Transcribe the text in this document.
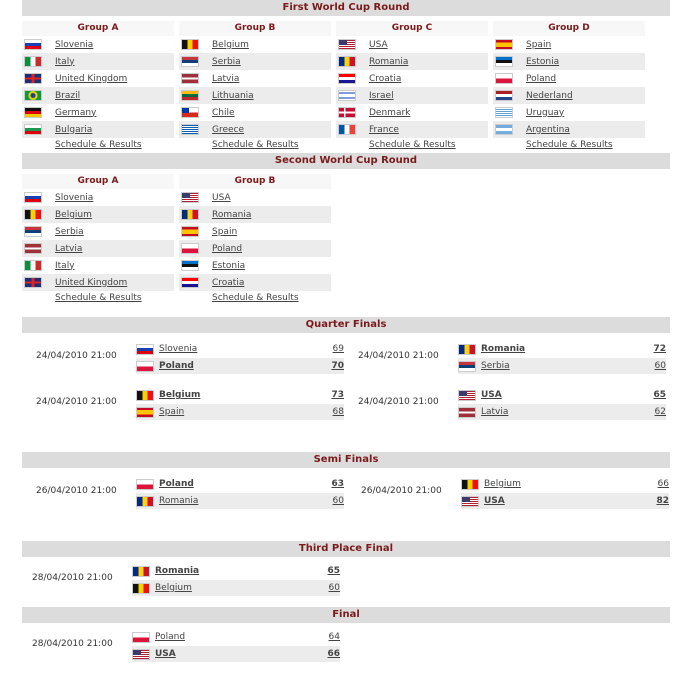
First World Cup Round
Group A
Slovenia
Italy
United Kingdom
Brazil
Germany
Bulgaria
Schedule & Results
Group B
Belgium
Serbia
Latvia
Lithuania
Chile
Greece
Schedule & Results
Group C
USA
Romania
Croatia
Israel
Denmark
France
Schedule & Results
Group D
Spain
Estonia
Poland
Nederland
Uruguay
Argentina
Schedule & Results
Second World Cup Round
Group A
Slovenia
Belgium
Serbia
Latvia
Italy
United Kingdom
Schedule & Results
Group B
USA
Romania
Spain
Poland
Estonia
Croatia
Schedule & Results
Quarter Finals
24/04/2010 21:00
Slovenia	69
Poland	70
24/04/2010 21:00
Romania	72
Serbia	60
24/04/2010 21:00
Belgium	73
Spain	68
24/04/2010 21:00
USA	65
Latvia	62
Semi Finals
26/04/2010 21:00
Poland	63
Romania	60
26/04/2010 21:00
Belgium	66
USA	82
Third Place Final
28/04/2010 21:00
Romania	65
Belgium	60
Final
28/04/2010 21:00
Poland	64
USA	66
